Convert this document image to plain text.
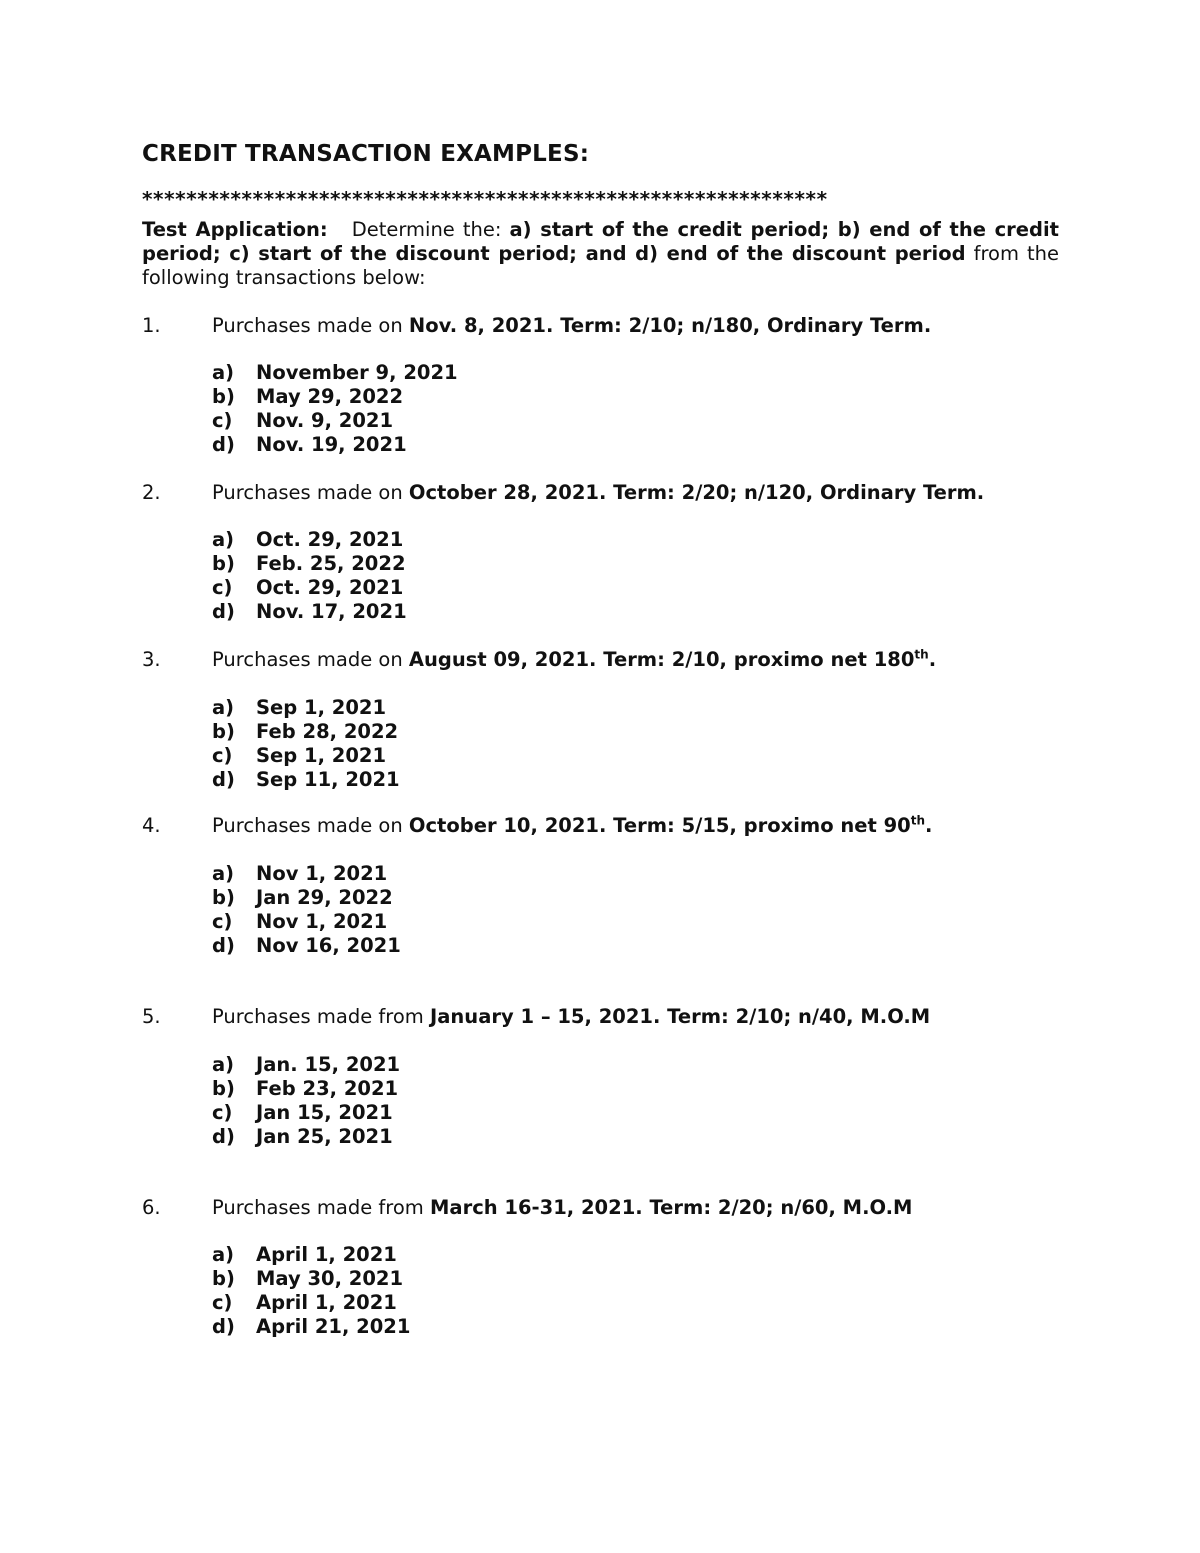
CREDIT TRANSACTION EXAMPLES:
**************************************************************

Test Application: Determine the: a) start of the credit period; b) end of the credit period; c) start of the discount period; and d) end of the discount period from the following transactions below:

1.	Purchases made on Nov. 8, 2021. Term: 2/10; n/180, Ordinary Term.
a) November 9, 2021
b) May 29, 2022
c) Nov. 9, 2021
d) Nov. 19, 2021
2.	Purchases made on October 28, 2021. Term: 2/20; n/120, Ordinary Term.
a) Oct. 29, 2021
b) Feb. 25, 2022
c) Oct. 29, 2021
d) Nov. 17, 2021
3.	Purchases made on August 09, 2021. Term: 2/10, proximo net 180th.
a) Sep 1, 2021
b) Feb 28, 2022
c) Sep 1, 2021
d) Sep 11, 2021
4.	Purchases made on October 10, 2021. Term: 5/15, proximo net 90th.
a) Nov 1, 2021
b) Jan 29, 2022
c) Nov 1, 2021
d) Nov 16, 2021
5.	Purchases made from January 1 – 15, 2021. Term: 2/10; n/40, M.O.M
a) Jan. 15, 2021
b) Feb 23, 2021
c) Jan 15, 2021
d) Jan 25, 2021
6.	Purchases made from March 16-31, 2021. Term: 2/20; n/60, M.O.M
a) April 1, 2021
b) May 30, 2021
c) April 1, 2021
d) April 21, 2021
